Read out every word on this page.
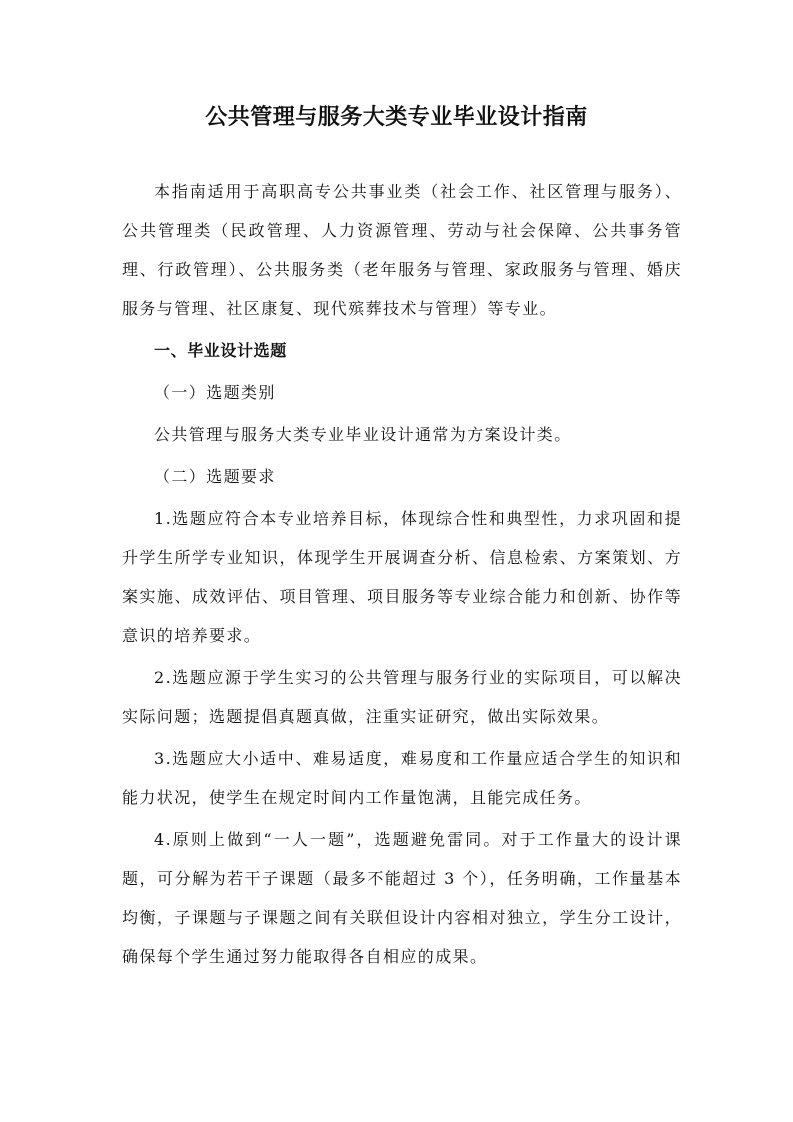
公共管理与服务大类专业毕业设计指南

本指南适用于高职高专公共事业类（社会工作、社区管理与服务）、公共管理类（民政管理、人力资源管理、劳动与社会保障、公共事务管理、行政管理）、公共服务类（老年服务与管理、家政服务与管理、婚庆服务与管理、社区康复、现代殡葬技术与管理）等专业。

一、毕业设计选题

（一）选题类别

公共管理与服务大类专业毕业设计通常为方案设计类。

（二）选题要求

1.选题应符合本专业培养目标，体现综合性和典型性，力求巩固和提升学生所学专业知识，体现学生开展调查分析、信息检索、方案策划、方案实施、成效评估、项目管理、项目服务等专业综合能力和创新、协作等意识的培养要求。

2.选题应源于学生实习的公共管理与服务行业的实际项目，可以解决实际问题；选题提倡真题真做，注重实证研究，做出实际效果。

3.选题应大小适中、难易适度，难易度和工作量应适合学生的知识和能力状况，使学生在规定时间内工作量饱满，且能完成任务。

4.原则上做到“一人一题”，选题避免雷同。对于工作量大的设计课题，可分解为若干子课题（最多不能超过 3 个），任务明确，工作量基本均衡，子课题与子课题之间有关联但设计内容相对独立，学生分工设计，确保每个学生通过努力能取得各自相应的成果。
